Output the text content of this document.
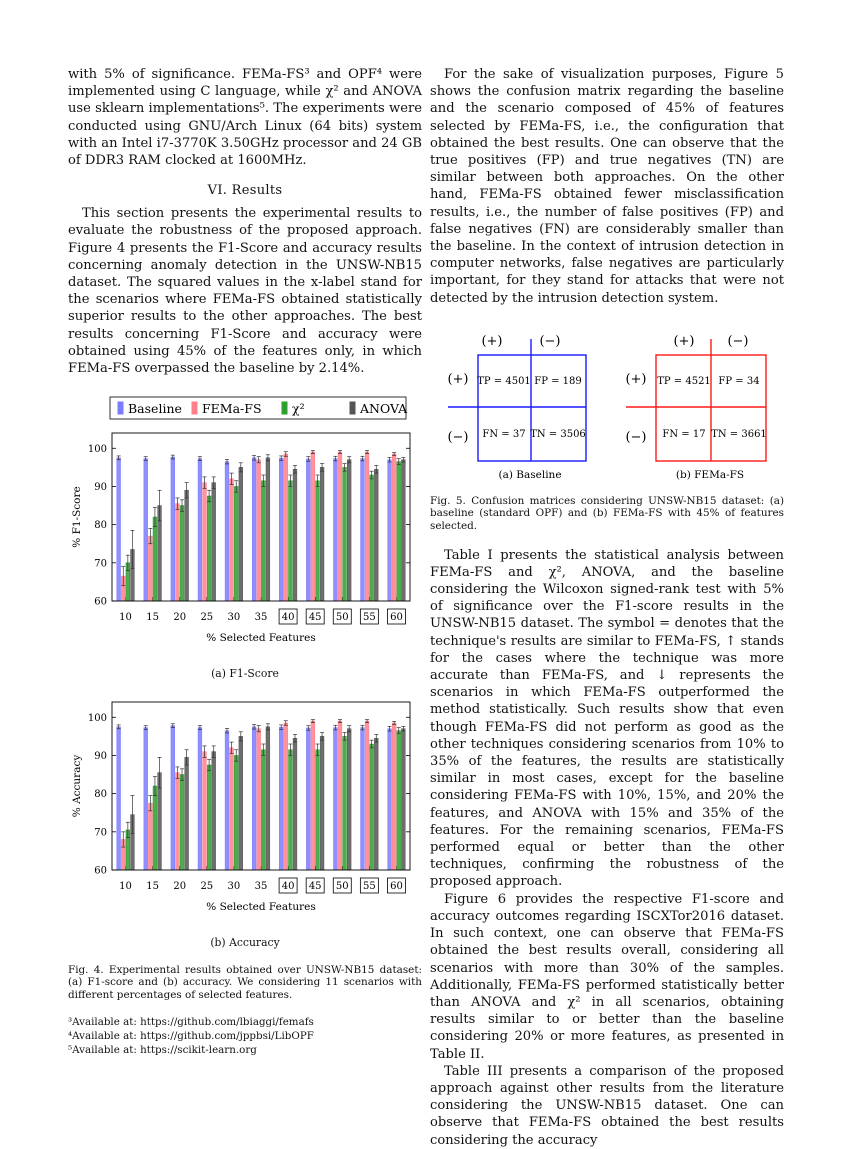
with 5% of significance. FEMa-FS³ and OPF⁴ were implemented using C language, while χ² and ANOVA use sklearn implementations⁵. The experiments were conducted using GNU/Arch Linux (64 bits) system with an Intel i7-3770K 3.50GHz processor and 24 GB of DDR3 RAM clocked at 1600MHz.

VI. Results

This section presents the experimental results to evaluate the robustness of the proposed approach. Figure 4 presents the F1-Score and accuracy results concerning anomaly detection in the UNSW-NB15 dataset. The squared values in the x-label stand for the scenarios where FEMa-FS obtained statistically superior results to the other approaches. The best results concerning F1-Score and accuracy were obtained using 45% of the features only, in which FEMa-FS overpassed the baseline by 2.14%.

Baseline FEMa-FS χ²	ANOVA

% F1-Score
60
70
80
90
100
10 15 20 25 30 35 40 45 50 55 60
% Selected Features

(a) F1-Score

% Accuracy
60
70
80
90
100
10 15 20 25 30 35 40 45 50 55 60
% Selected Features

(b) Accuracy

Fig. 4. Experimental results obtained over UNSW-NB15 dataset: (a) F1-score and (b) accuracy. We considering 11 scenarios with different percentages of selected features.

³Available at: https://github.com/lbiaggi/femafs

⁴Available at: https://github.com/jppbsi/LibOPF

⁵Available at: https://scikit-learn.org

For the sake of visualization purposes, Figure 5 shows the confusion matrix regarding the baseline and the scenario composed of 45% of features selected by FEMa-FS, i.e., the configuration that obtained the best results. One can observe that the true positives (FP) and true negatives (TN) are similar between both approaches. On the other hand, FEMa-FS obtained fewer misclassification results, i.e., the number of false positives (FP) and false negatives (FN) are considerably smaller than the baseline. In the context of intrusion detection in computer networks, false negatives are particularly important, for they stand for attacks that were not detected by the intrusion detection system.

(+)	(−)
(+)
(−)
TP = 4501 FP = 189
FN = 37 TN = 3506
(a) Baseline
(+)	(−)
(+)
(−)
TP = 4521 FP = 34
FN = 17 TN = 3661
(b) FEMa-FS

Fig. 5. Confusion matrices considering UNSW-NB15 dataset: (a) baseline (standard OPF) and (b) FEMa-FS with 45% of features selected.

Table I presents the statistical analysis between FEMa-FS and χ², ANOVA, and the baseline considering the Wilcoxon signed-rank test with 5% of significance over the F1-score results in the UNSW-NB15 dataset. The symbol = denotes that the technique's results are similar to FEMa-FS, ↑ stands for the cases where the technique was more accurate than FEMa-FS, and ↓ represents the scenarios in which FEMa-FS outperformed the method statistically. Such results show that even though FEMa-FS did not perform as good as the other techniques considering scenarios from 10% to 35% of the features, the results are statistically similar in most cases, except for the baseline considering FEMa-FS with 10%, 15%, and 20% the features, and ANOVA with 15% and 35% of the features. For the remaining scenarios, FEMa-FS performed equal or better than the other techniques, confirming the robustness of the proposed approach.

Figure 6 provides the respective F1-score and accuracy outcomes regarding ISCXTor2016 dataset. In such context, one can observe that FEMa-FS obtained the best results overall, considering all scenarios with more than 30% of the samples. Additionally, FEMa-FS performed statistically better than ANOVA and χ² in all scenarios, obtaining results similar to or better than the baseline considering 20% or more features, as presented in Table II.

Table III presents a comparison of the proposed approach against other results from the literature considering the UNSW-NB15 dataset. One can observe that FEMa-FS obtained the best results considering the accuracy
